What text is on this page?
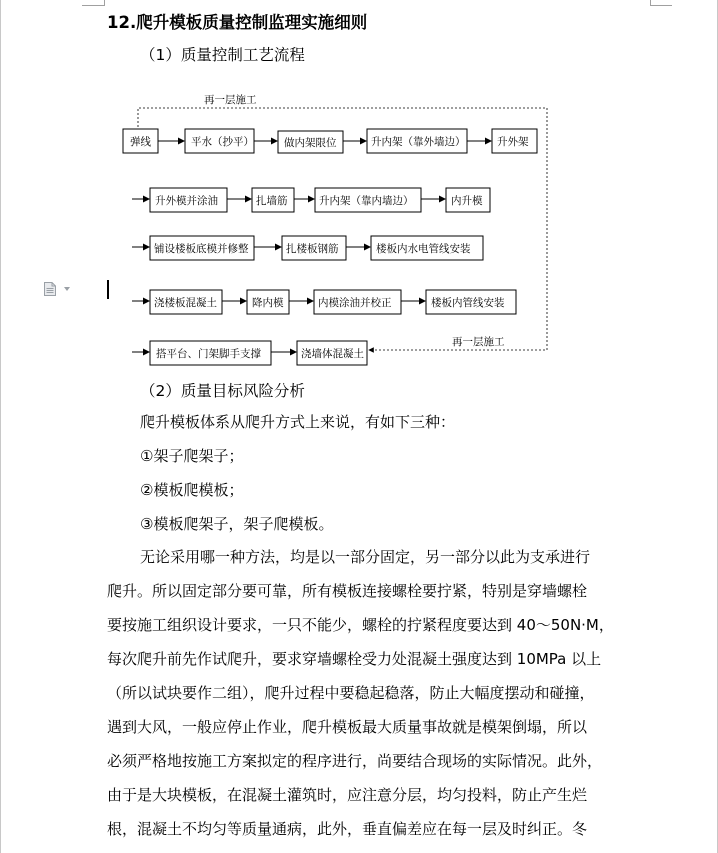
12.爬升模板质量控制监理实施细则
（1）质量控制工艺流程
再一层施工
再一层施工
弹线	平水（抄平）	做内架限位	升内架（靠外墙边）	升外架
升外模并涂油	扎墙筋	升内架（靠内墙边）	内升模
铺设楼板底模并修整	扎楼板钢筋	楼板内水电管线安装
浇楼板混凝土	降内模	内模涂油并校正	楼板内管线安装
搭平台、门架脚手支撑	浇墙体混凝土
（2）质量目标风险分析
爬升模板体系从爬升方式上来说，有如下三种：
①架子爬架子；
②模板爬模板；
③模板爬架子，架子爬模板。
无论采用哪一种方法，均是以一部分固定，另一部分以此为支承进行
爬升。所以固定部分要可靠，所有模板连接螺栓要拧紧，特别是穿墙螺栓
要按施工组织设计要求，一只不能少，螺栓的拧紧程度要达到 40～50N·M，
每次爬升前先作试爬升，要求穿墙螺栓受力处混凝土强度达到 10MPa 以上
（所以试块要作二组），爬升过程中要稳起稳落，防止大幅度摆动和碰撞，
遇到大风，一般应停止作业，爬升模板最大质量事故就是模架倒塌，所以
必须严格地按施工方案拟定的程序进行，尚要结合现场的实际情况。此外，
由于是大块模板，在混凝土灌筑时，应注意分层，均匀投料，防止产生烂
根，混凝土不均匀等质量通病，此外，垂直偏差应在每一层及时纠正。冬
